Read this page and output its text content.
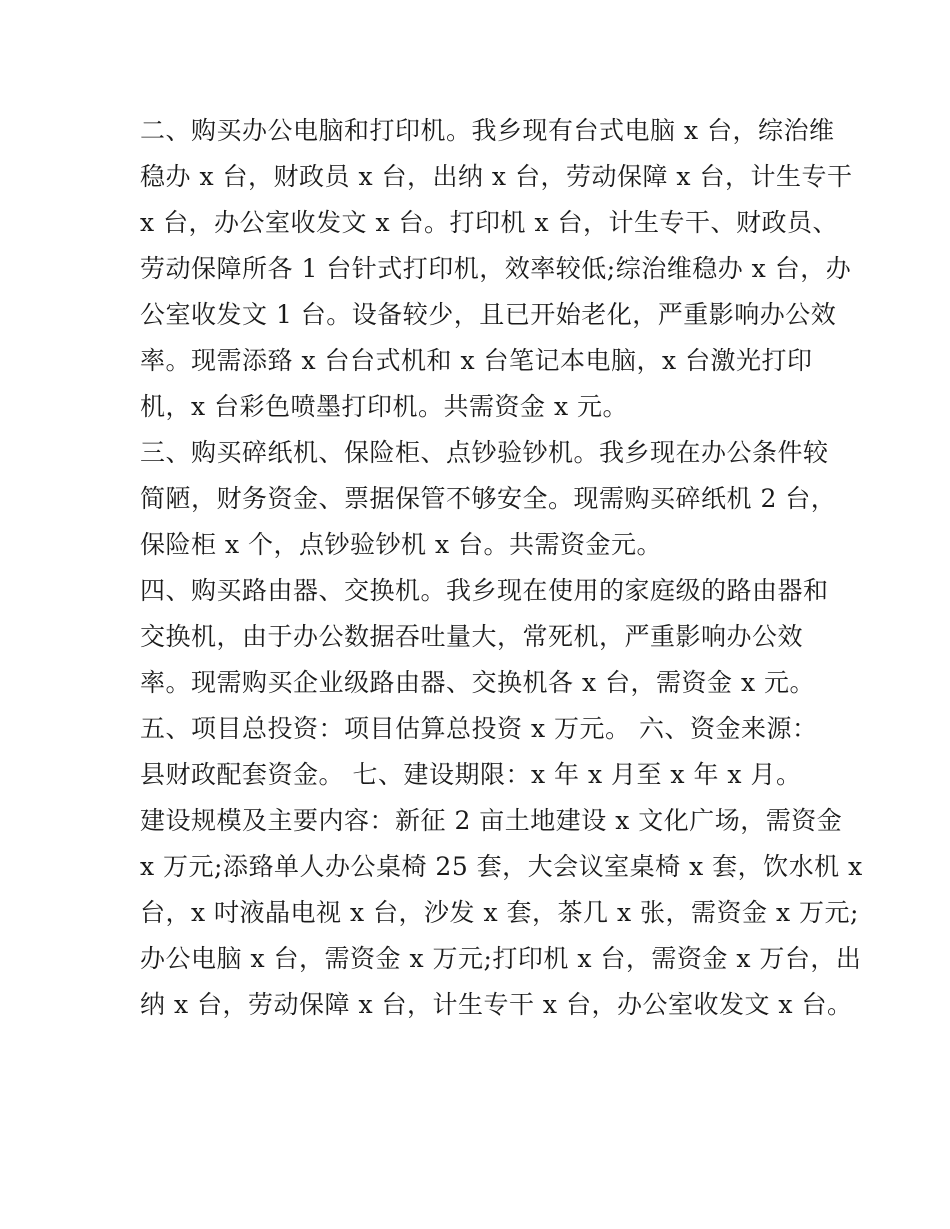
二、购买办公电脑和打印机。我乡现有台式电脑 x 台，综治维
稳办 x 台，财政员 x 台，出纳 x 台，劳动保障 x 台，计生专干
x 台，办公室收发文 x 台。打印机 x 台，计生专干、财政员、
劳动保障所各 1 台针式打印机，效率较低;综治维稳办 x 台，办
公室收发文 1 台。设备较少，且已开始老化，严重影响办公效
率。现需添臵 x 台台式机和 x 台笔记本电脑，x 台激光打印
机，x 台彩色喷墨打印机。共需资金 x 元。
三、购买碎纸机、保险柜、点钞验钞机。我乡现在办公条件较
简陋，财务资金、票据保管不够安全。现需购买碎纸机 2 台，
保险柜 x 个，点钞验钞机 x 台。共需资金元。
四、购买路由器、交换机。我乡现在使用的家庭级的路由器和
交换机，由于办公数据吞吐量大，常死机，严重影响办公效
率。现需购买企业级路由器、交换机各 x 台，需资金 x 元。
五、项目总投资：项目估算总投资 x 万元。 六、资金来源：
县财政配套资金。 七、建设期限：x 年 x 月至 x 年 x 月。
建设规模及主要内容：新征 2 亩土地建设 x 文化广场，需资金
x 万元;添臵单人办公桌椅 25 套，大会议室桌椅 x 套，饮水机 x
台，x 吋液晶电视 x 台，沙发 x 套，茶几 x 张，需资金 x 万元;
办公电脑 x 台，需资金 x 万元;打印机 x 台，需资金 x 万台，出
纳 x 台，劳动保障 x 台，计生专干 x 台，办公室收发文 x 台。
